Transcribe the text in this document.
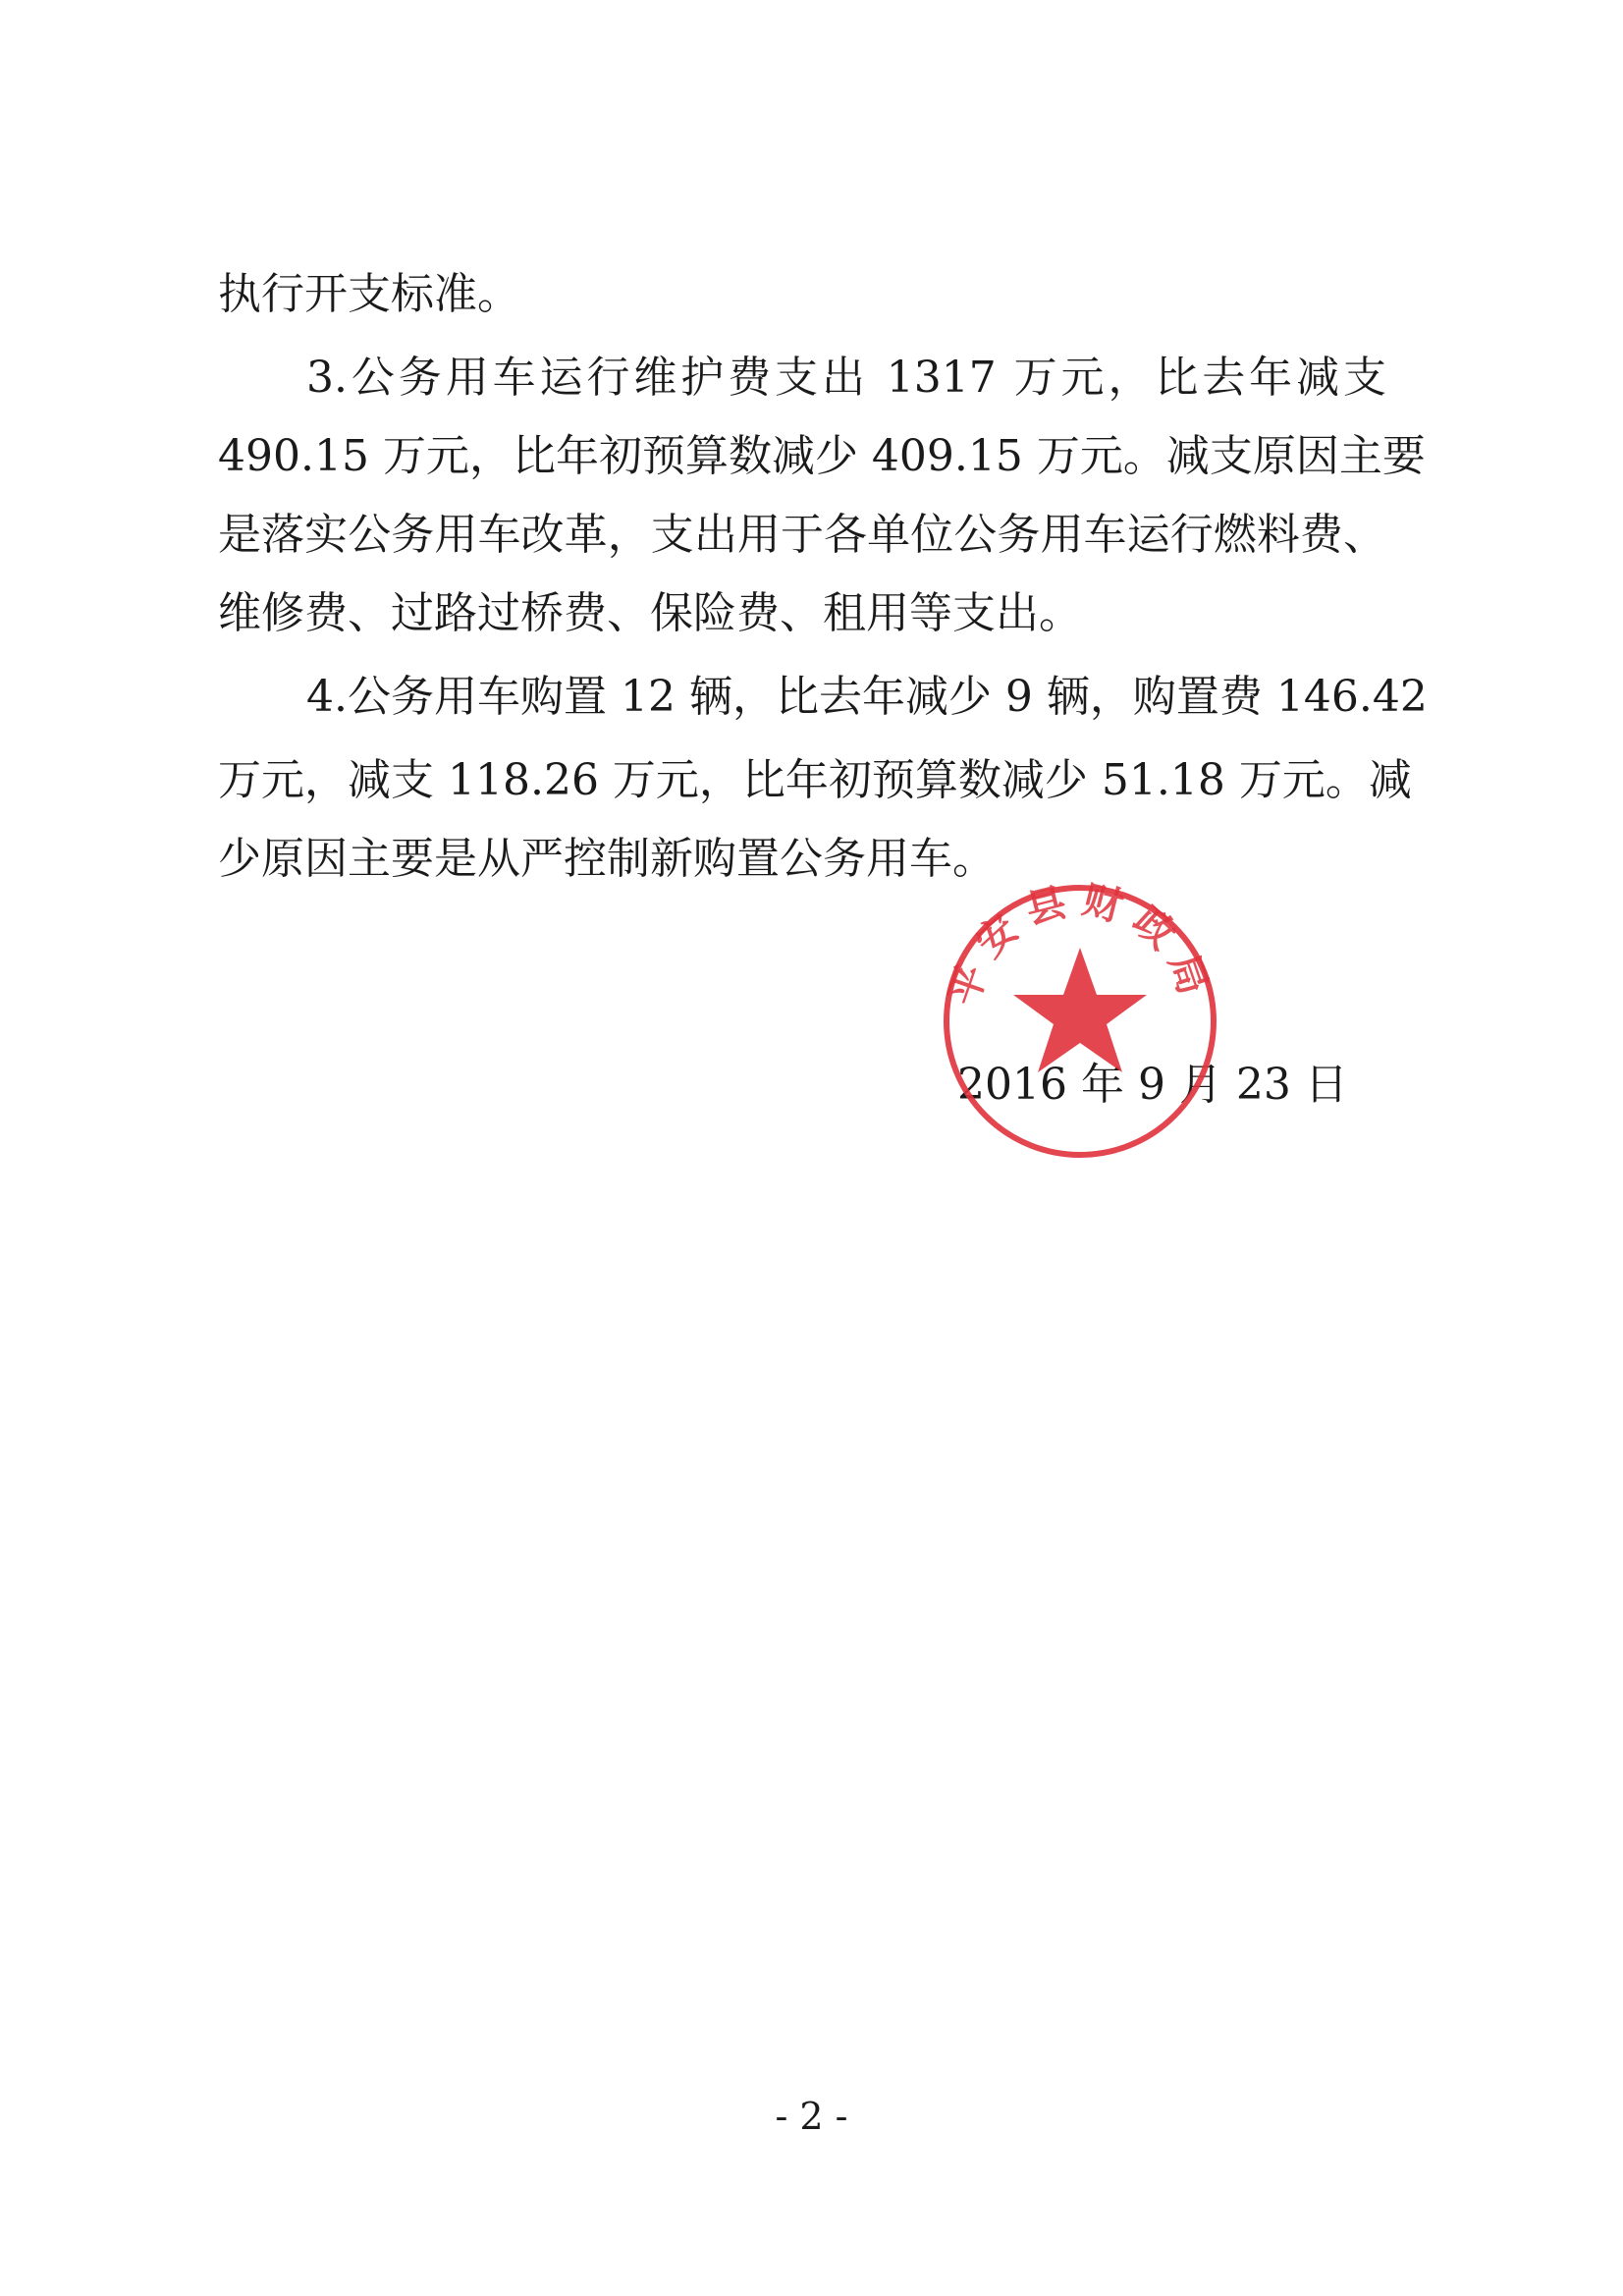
执行开支标准。

3.公务用车运行维护费支出 1317 万元，比去年减支

490.15 万元，比年初预算数减少 409.15 万元。减支原因主要

是落实公务用车改革，支出用于各单位公务用车运行燃料费、

维修费、过路过桥费、保险费、租用等支出。

4.公务用车购置 12 辆，比去年减少 9 辆，购置费 146.42

万元，减支 118.26 万元，比年初预算数减少 51.18 万元。减

少原因主要是从严控制新购置公务用车。

2016 年 9 月 23 日

平安县财政局
- 2 -
